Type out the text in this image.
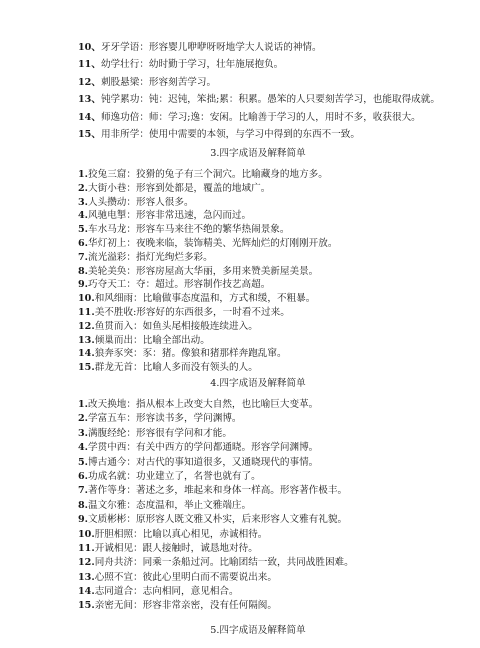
10、牙牙学语：形容婴儿咿咿呀呀地学大人说话的神情。
11、幼学壮行：幼时勤于学习，壮年施展抱负。
12、刺股悬梁：形容刻苦学习。
13、钝学累功：钝：迟钝，笨拙;累：积累。愚笨的人只要刻苦学习，也能取得成就。
14、师逸功倍：师：学习;逸：安闲。比喻善于学习的人，用时不多，收获很大。
15、用非所学：使用中需要的本领，与学习中得到的东西不一致。
3.四字成语及解释简单
1.狡兔三窟：狡猾的兔子有三个洞穴。比喻藏身的地方多。
2.大街小巷：形容到处都是，覆盖的地域广。
3.人头攒动：形容人很多。
4.风驰电掣：形容非常迅速，急闪而过。
5.车水马龙：形容车马来往不绝的繁华热闹景象。
6.华灯初上：夜晚来临，装饰精美、光辉灿烂的灯刚刚开放。
7.流光溢彩：指灯光绚烂多彩。
8.美轮美奂：形容房屋高大华丽，多用来赞美新屋美景。
9.巧夺天工：夺：超过。形容制作技艺高超。
10.和风细雨：比喻做事态度温和，方式和缓，不粗暴。
11.美不胜收:形容好的东西很多，一时看不过来。
12.鱼贯而入：如鱼头尾相接般连续进入。
13.倾巢而出：比喻全部出动。
14.狼奔豕突：豕：猪。像狼和猪那样奔跑乱窜。
15.群龙无首：比喻人多而没有领头的人。
4.四字成语及解释简单
1.改天换地：指从根本上改变大自然，也比喻巨大变革。
2.学富五车：形容读书多，学问渊博。
3.满腹经纶：形容很有学问和才能。
4.学贯中西：有关中西方的学问都通晓。形容学问渊博。
5.博古通今：对古代的事知道很多，又通晓现代的事情。
6.功成名就：功业建立了，名誉也就有了。
7.著作等身：著述之多，堆起来和身体一样高。形容著作极丰。
8.温文尔雅：态度温和，举止文雅端庄。
9.文质彬彬：原形容人既文雅又朴实，后来形容人文雅有礼貌。
10.肝胆相照：比喻以真心相见，赤诚相待。
11.开诚相见：跟人接触时，诚恳地对待。
12.同舟共济：同乘一条船过河。比喻团结一致，共同战胜困难。
13.心照不宣：彼此心里明白而不需要说出来。
14.志同道合：志向相同，意见相合。
15.亲密无间：形容非常亲密，没有任何隔阂。
5.四字成语及解释简单
